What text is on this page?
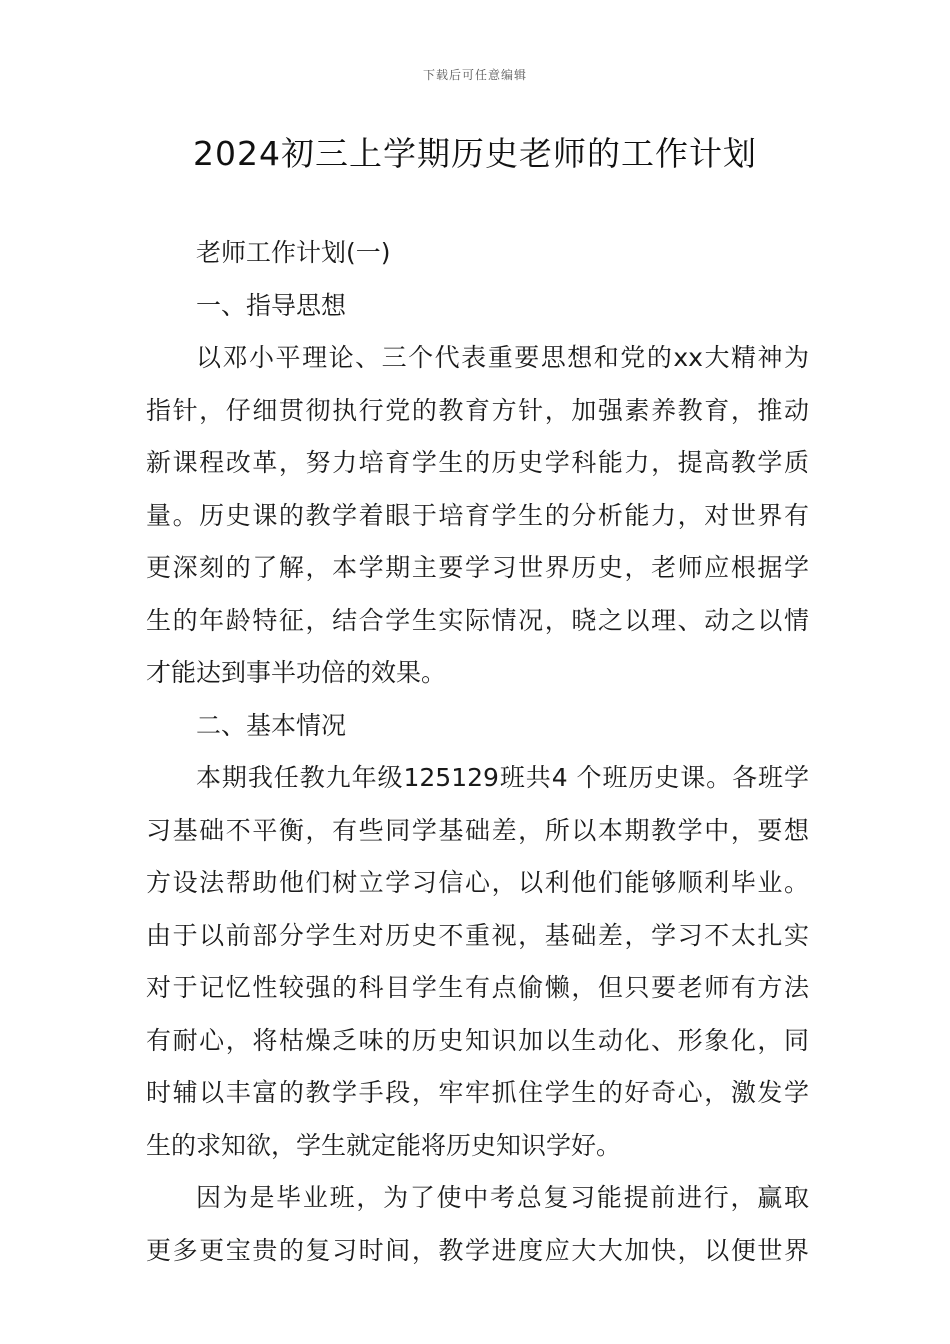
下载后可任意编辑
2024初三上学期历史老师的工作计划
老师工作计划(一)
一、指导思想
以邓小平理论、三个代表重要思想和党的xx大精神为
指针，仔细贯彻执行党的教育方针，加强素养教育，推动
新课程改革，努力培育学生的历史学科能力，提高教学质
量。历史课的教学着眼于培育学生的分析能力，对世界有
更深刻的了解，本学期主要学习世界历史，老师应根据学
生的年龄特征，结合学生实际情况，晓之以理、动之以情
才能达到事半功倍的效果。
二、基本情况
本期我任教九年级125129班共4 个班历史课。各班学
习基础不平衡，有些同学基础差，所以本期教学中，要想
方设法帮助他们树立学习信心，以利他们能够顺利毕业。
由于以前部分学生对历史不重视，基础差，学习不太扎实
对于记忆性较强的科目学生有点偷懒，但只要老师有方法
有耐心，将枯燥乏味的历史知识加以生动化、形象化，同
时辅以丰富的教学手段，牢牢抓住学生的好奇心，激发学
生的求知欲，学生就定能将历史知识学好。
因为是毕业班，为了使中考总复习能提前进行，赢取
更多更宝贵的复习时间，教学进度应大大加快，以便世界
